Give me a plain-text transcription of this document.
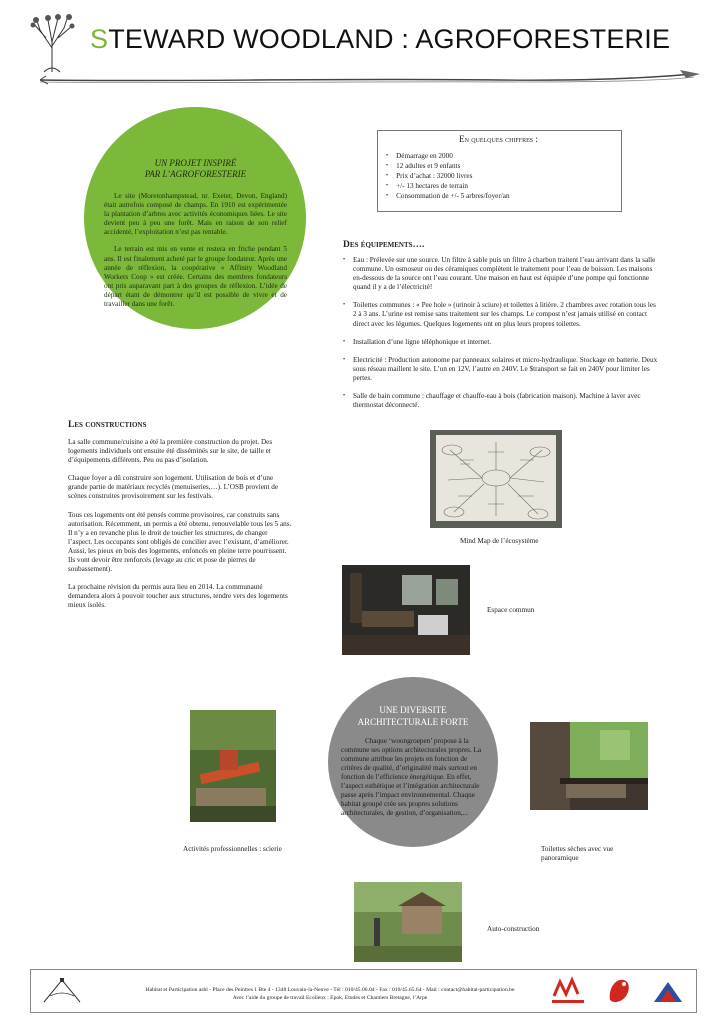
STEWARD WOODLAND : AGROFORESTERIE
UN PROJET INSPIRÉ
PAR L’AGROFORESTERIE

Le site (Moretonhampstead, nr. Exeter, Devon, England) était autrefois composé de champs. En 1910 est expérimentée la plantation d’arbres avec activités économiques liées. Le site devient peu à peu une forêt. Mais en raison de son relief accidenté, l’exploitation n’est pas rentable.

Le terrain est mis en vente et restera en friche pendant 5 ans. Il est finalement acheté par le groupe fondateur. Après une année de réflexion, la coopérative « Affinity Woodland Workers Coop » est créée. Certains des membres fondateurs ont pris auparavant part à des groupes de réflexion. L’idée de départ étant de démontrer qu’il est possible de vivre et de travailler dans une forêt.

En quelques chiffres :
• Démarrage en 2000
• 12 adultes et 9 enfants
• Prix d’achat : 32000 livres
• +/- 13 hectares de terrain
• Consommation de +/- 5 arbres/foyer/an
Des équipements….
• Eau : Prélevée sur une source. Un filtre à sable puis un filtre à charbon traitent l’eau arrivant dans la salle commune. Un osmoseur ou des céramiques complètent le traitement pour l’eau de boisson. Les maisons en-dessous de la source ont l’eau courant. Une maison en haut est équipée d’une pompe qui fonctionne quand il y a de l’électricité!
• Toilettes communes : « Pee hole » (urinoir à sciure) et toilettes à litière. 2 chambres avec rotation tous les 2 à 3 ans. L’urine est remise sans traitement sur les champs. Le compost n’est jamais utilisé en contact direct avec les légumes. Quelques logements ont en plus leurs propres toilettes.
• Installation d’une ligne téléphonique et internet.
• Electricité : Production autonome par panneaux solaires et micro-hydraulique. Stockage en batterie. Deux sous réseau maillent le site. L’un en 12V, l’autre en 240V. Le $transport se fait en 240V pour limiter les pertes.
• Salle de bain commune : chauffage et chauffe-eau à bois (fabrication maison). Machine à laver avec thermostat déconnecté.
Les constructions

La salle commune/cuisine a été la première construction du projet. Des logements individuels ont ensuite été disséminés sur le site, de taille et d’équipements différents. Peu ou pas d’isolation.

Chaque foyer a dû construire son logement. Utilisation de bois et d’une grande partie de matériaux recyclés (menuiseries,…). L’OSB provient de scènes construites provisoirement sur les festivals.

Tous ces logements ont été pensés comme provisoires, car construits sans autorisation. Récemment, un permis a été obtenu, renouvelable tous les 5 ans. Il n’y a en revanche plus le droit de toucher les structures, de changer l’aspect. Les occupants sont obligés de concilier avec l’existant, d’améliorer. Aussi, les pieux en bois des logements, enfoncés en pleine terre pourrissent. Ils vont devoir être renforcés (levage au cric et pose de pierres de soubassement).

La prochaine révision du permis aura lieu en 2014. La communauté demandera alors à pouvoir toucher aux structures, tendre vers des logements mieux isolés.

Mind Map de l’écosystème
Espace commun
Activités professionnelles : scierie
UNE DIVERSITE
ARCHITECTURALE FORTE

Chaque ‘woongroepen’ propose à la commune ses options architecturales propres. La commune attribue les projets en fonction de critères de qualité, d’originalité mais surtout en fonction de l’efficience énergétique. En effet, l’aspect esthétique et l’intégration architecturale passe après l’impact environnemental. Chaque habitat groupé crée ses propres solutions architecturales, de gestion, d’organisation,...

Toilettes sèches avec vue
panoramique
Auto-construction
Habitat et Participation asbl - Place des Peintres 1 Bte 4 - 1348 Louvain-la-Neuve - Tél : 010/45.06.04 - Fax : 010/45.65.64 - Mail : contact@habitat-participation.be
Avec l’aide du groupe de travail Ecolieux : Epok, Etudes et Chantiers Bretagne, l’Arpe
